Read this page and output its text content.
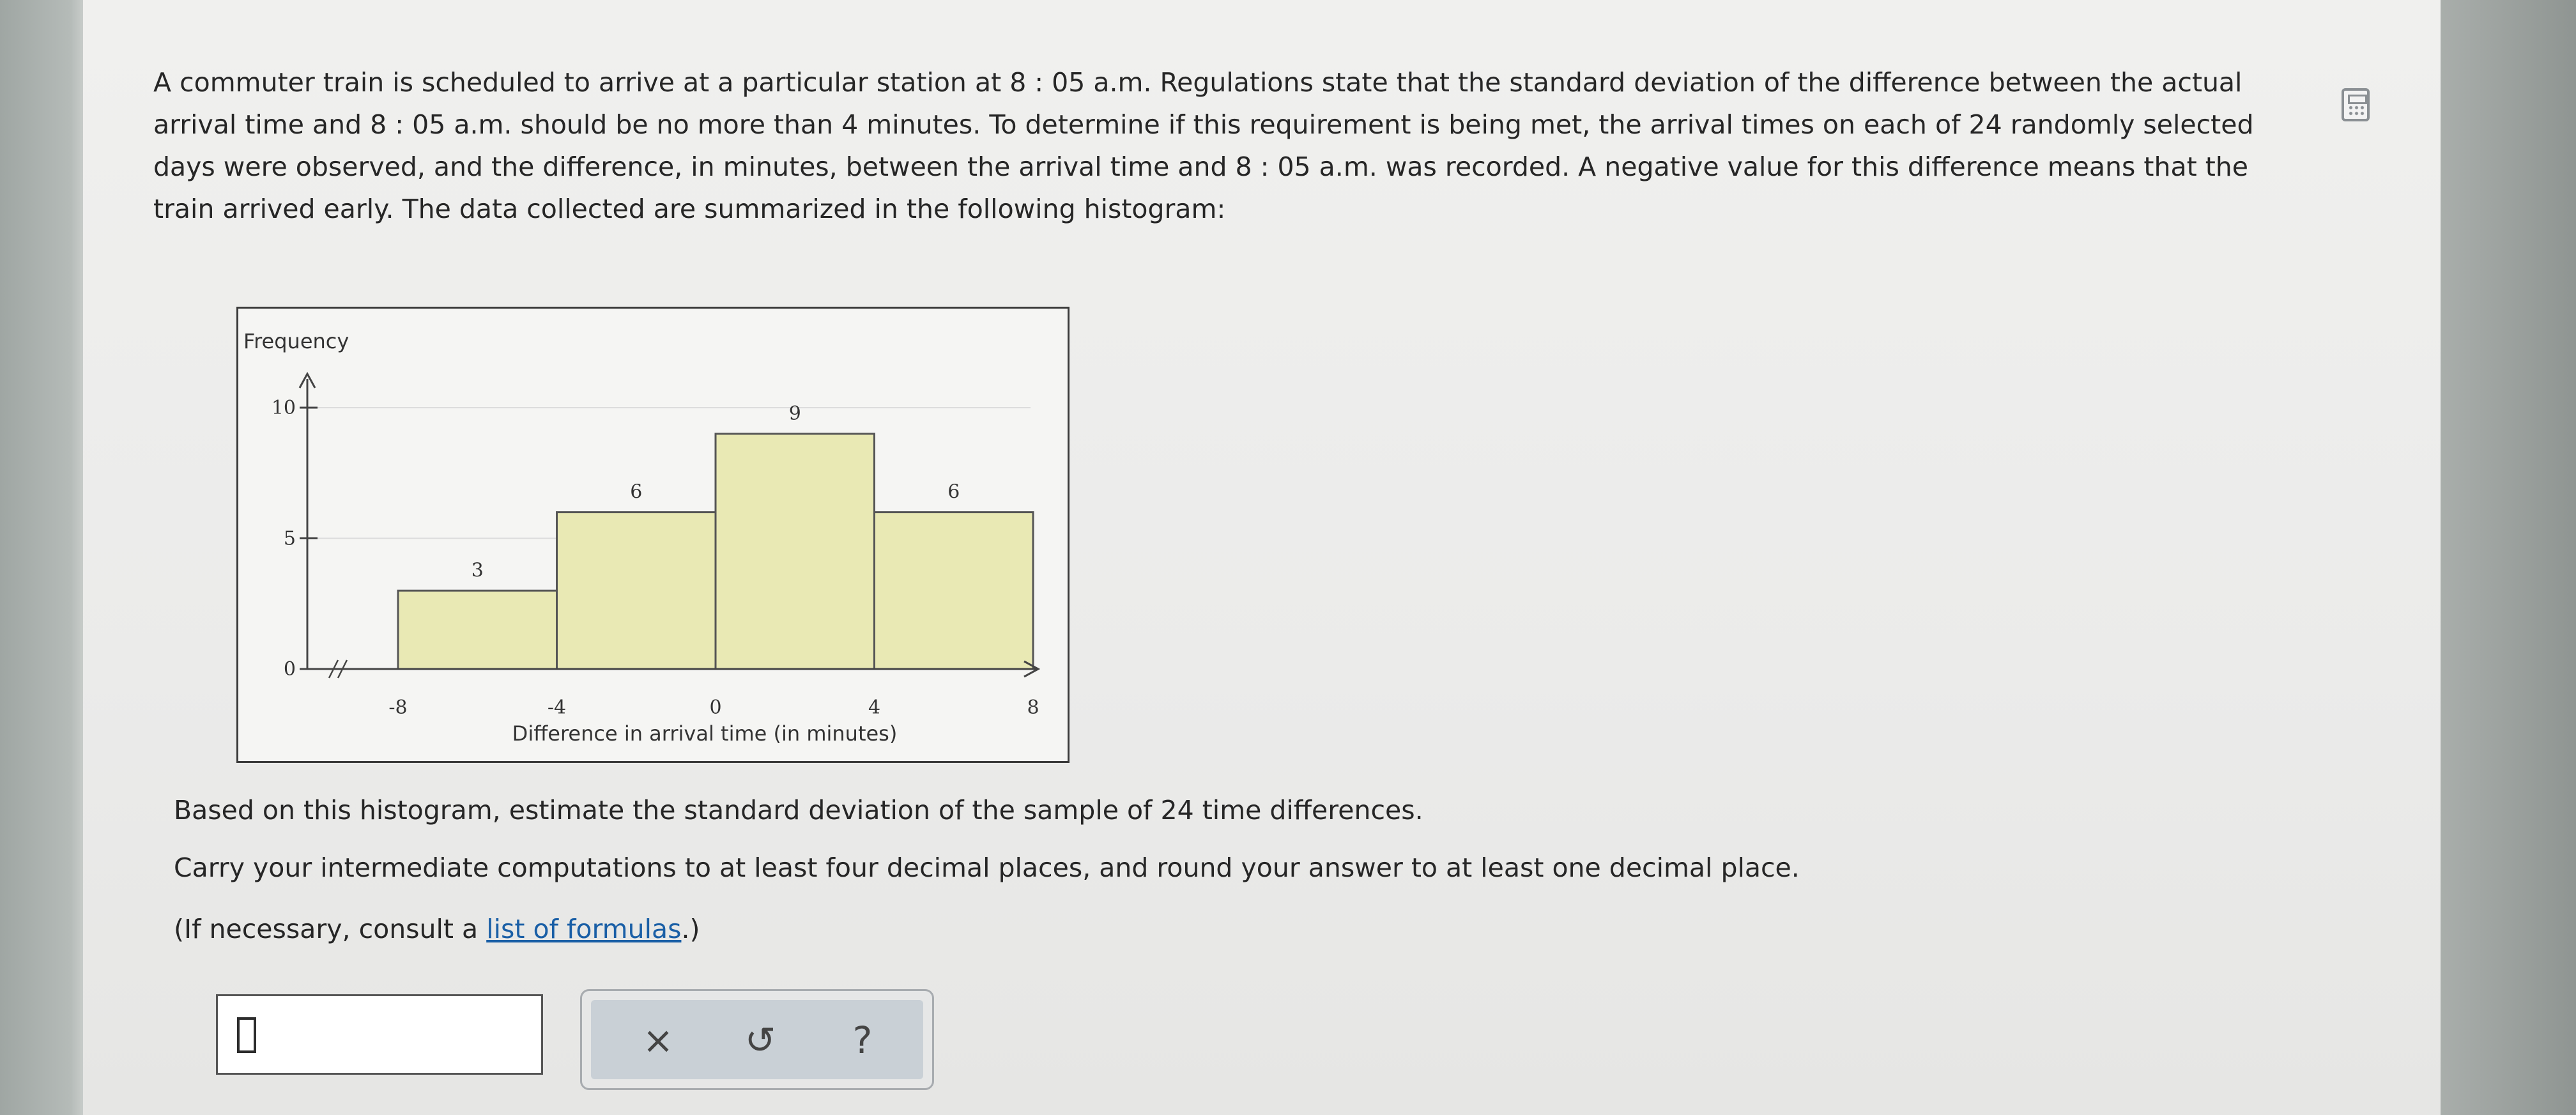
A commuter train is scheduled to arrive at a particular station at 8 : 05 a.m. Regulations state that the standard deviation of the difference between the actual arrival time and 8 : 05 a.m. should be no more than 4 minutes. To determine if this requirement is being met, the arrival times on each of 24 randomly selected days were observed, and the difference, in minutes, between the arrival time and 8 : 05 a.m. was recorded. A negative value for this difference means that the train arrived early. The data collected are summarized in the following histogram:
3
6
9
6
0
5
10
-8	-4	0	4	8
Frequency
Difference in arrival time (in minutes)
Based on this histogram, estimate the standard deviation of the sample of 24 time differences.
Carry your intermediate computations to at least four decimal places, and round your answer to at least one decimal place.
(If necessary, consult a list of formulas.)
×	↺	?
